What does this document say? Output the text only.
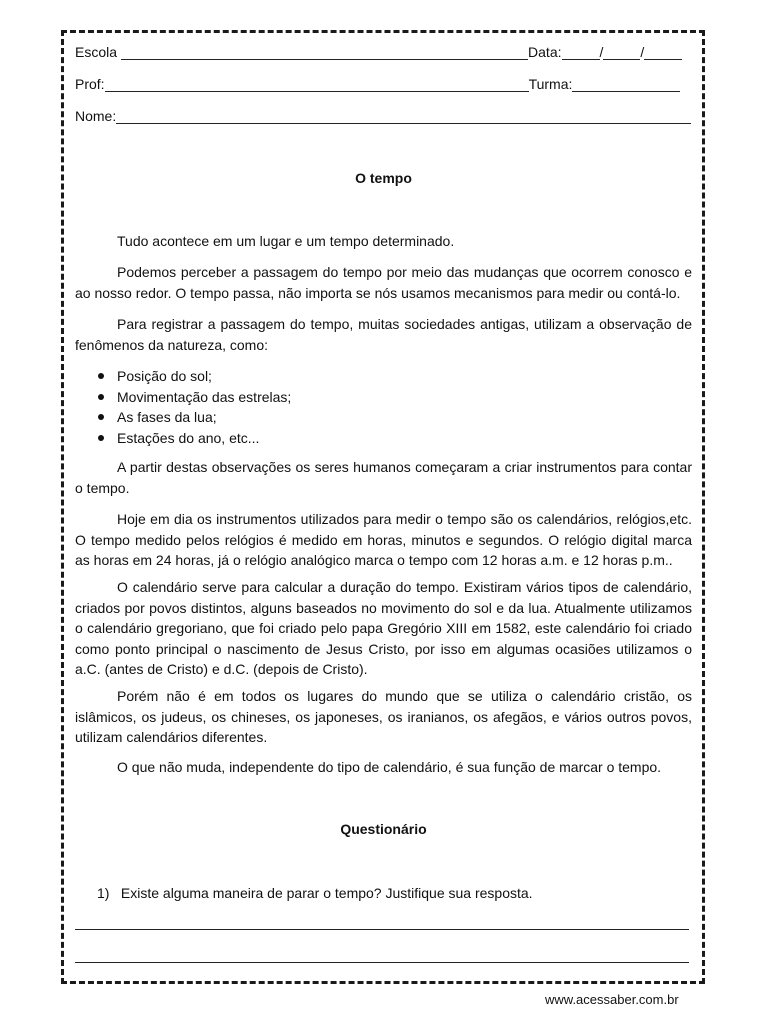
Escola	Data:	/	/
Prof:	Turma:
Nome:
O tempo

Tudo acontece em um lugar e um tempo determinado.

Podemos perceber a passagem do tempo por meio das mudanças que ocorrem conosco e ao nosso redor. O tempo passa, não importa se nós usamos mecanismos para medir ou contá-lo.

Para registrar a passagem do tempo, muitas sociedades antigas, utilizam a observação de fenômenos da natureza, como:

Posição do sol;
Movimentação das estrelas;
As fases da lua;
Estações do ano, etc...

A partir destas observações os seres humanos começaram a criar instrumentos para contar o tempo.

Hoje em dia os instrumentos utilizados para medir o tempo são os calendários, relógios,etc. O tempo medido pelos relógios é medido em horas, minutos e segundos. O relógio digital marca as horas em 24 horas, já o relógio analógico marca o tempo com 12 horas a.m. e 12 horas p.m..

O calendário serve para calcular a duração do tempo. Existiram vários tipos de calendário, criados por povos distintos, alguns baseados no movimento do sol e da lua. Atualmente utilizamos o calendário gregoriano, que foi criado pelo papa Gregório XIII em 1582, este calendário foi criado como ponto principal o nascimento de Jesus Cristo, por isso em algumas ocasiões utilizamos o a.C. (antes de Cristo) e d.C. (depois de Cristo).

Porém não é em todos os lugares do mundo que se utiliza o calendário cristão, os islâmicos, os judeus, os chineses, os japoneses, os iranianos, os afegãos, e vários outros povos, utilizam calendários diferentes.

O que não muda, independente do tipo de calendário, é sua função de marcar o tempo.

Questionário
1) Existe alguma maneira de parar o tempo? Justifique sua resposta.
www.acessaber.com.br
